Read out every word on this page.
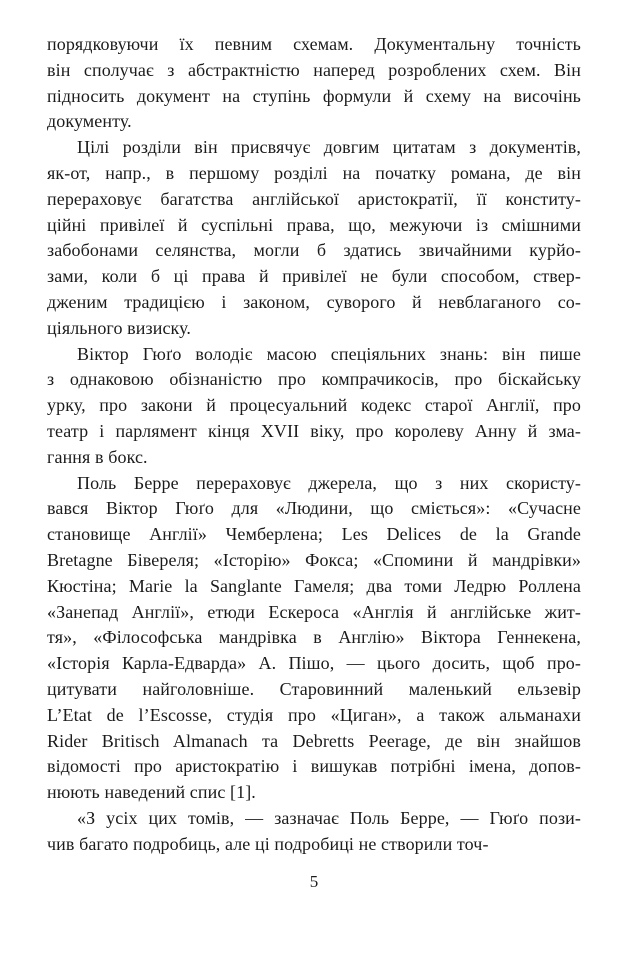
порядковуючи їх певним схемам. Документальну точність
він сполучає з абстрактністю наперед розроблених схем. Він
підносить документ на ступінь формули й схему на височінь
документу.
Цілі розділи він присвячує довгим цитатам з документів,
як-от, напр., в першому розділі на початку романа, де він
перераховує багатства англійської аристократії, її конститу-
ційні привілеї й суспільні права, що, межуючи із смішними
забобонами селянства, могли б здатись звичайними курйо-
зами, коли б ці права й привілеї не були способом, ствер-
дженим традицією і законом, суворого й невблаганого со-
ціяльного визиску.
Віктор Гюґо володіє масою спеціяльних знань: він пише
з однаковою обізнаністю про компрачикосів, про біскайську
урку, про закони й процесуальний кодекс старої Англії, про
театр і парлямент кінця XVII віку, про королеву Анну й зма-
гання в бокс.
Поль Берре перераховує джерела, що з них скористу-
вався Віктор Гюґо для «Людини, що сміється»: «Сучасне
становище Англії» Чемберлена; Les Delices de la Grande
Bretagne Бівереля; «Історію» Фокса; «Спомини й мандрівки»
Кюстіна; Marie la Sanglante Гамеля; два томи Ледрю Роллена
«Занепад Англії», етюди Ескероса «Англія й англійське жит-
тя», «Філософська мандрівка в Англію» Віктора Геннекена,
«Історія Карла-Едварда» А. Пішо, — цього досить, щоб про-
цитувати найголовніше. Старовинний маленький ельзевір
L’Etat de l’Escosse, студія про «Циган», а також альманахи
Rider Britisch Almanach та Debretts Peerage, де він знайшов
відомості про аристократію і вишукав потрібні імена, допов-
нюють наведений спис [1].
«З усіх цих томів, — зазначає Поль Берре, — Гюґо пози-
чив багато подробиць, але ці подробиці не створили точ-
5
